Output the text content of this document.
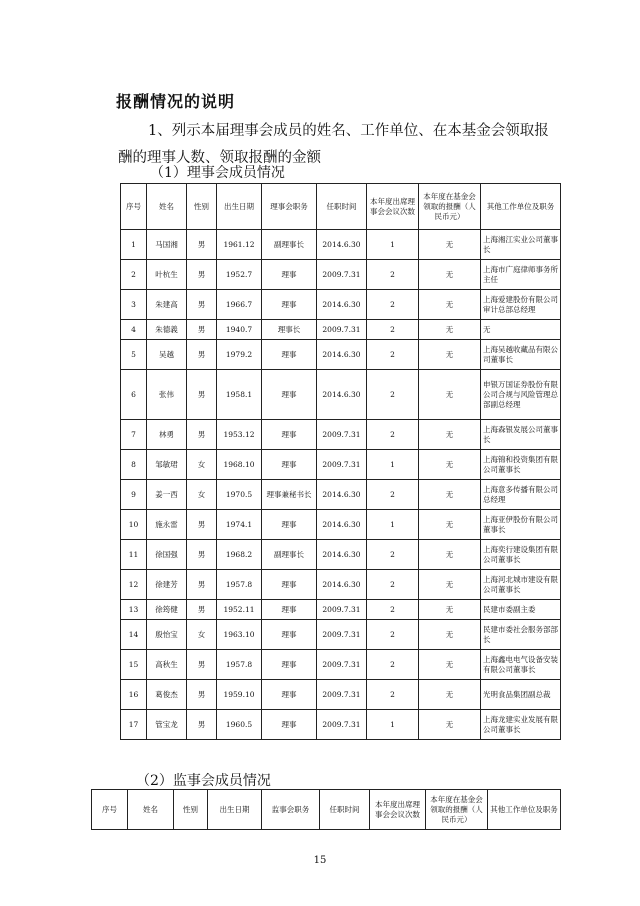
报酬情况的说明
1、列示本届理事会成员的姓名、工作单位、在本基金会领取报酬的理事人数、领取报酬的金额
（1）理事会成员情况
序号	姓名	性别	出生日期	理事会职务	任职时间	本年度出席理事会会议次数	本年度在基金会领取的报酬（人民币元）	其他工作单位及职务
1	马国湘	男	1961.12	副理事长	2014.6.30	1	无	上海湘江实业公司董事长
2	叶杭生	男	1952.7	理事	2009.7.31	2	无	上海市广庭律师事务所主任
3	朱建高	男	1966.7	理事	2014.6.30	2	无	上海爱建股份有限公司审计总部总经理
4	朱德義	男	1940.7	理事长	2009.7.31	2	无	无
5	吴越	男	1979.2	理事	2014.6.30	2	无	上海吴越收藏品有限公司董事长
6	张伟	男	1958.1	理事	2014.6.30	2	无	申银万国证券股份有限公司合规与风险管理总部副总经理
7	林勇	男	1953.12	理事	2009.7.31	2	无	上海森银发展公司董事长
8	邹敏珺	女	1968.10	理事	2009.7.31	1	无	上海锦和投资集团有限公司董事长
9	姜一西	女	1970.5	理事兼秘书长	2014.6.30	2	无	上海意多传播有限公司总经理
10	施永雷	男	1974.1	理事	2014.6.30	1	无	上海亚伊股份有限公司董事长
11	徐国强	男	1968.2	副理事长	2014.6.30	2	无	上海奕行建设集团有限公司董事长
12	徐建芳	男	1957.8	理事	2014.6.30	2	无	上海河北城市建设有限公司董事长
13	徐筠健	男	1952.11	理事	2009.7.31	2	无	民建市委副主委
14	殷怡宝	女	1963.10	理事	2009.7.31	2	无	民建市委社会服务部部长
15	高秋生	男	1957.8	理事	2009.7.31	2	无	上海鑫电电气设备安装有限公司董事长
16	葛俊杰	男	1959.10	理事	2009.7.31	2	无	光明食品集团副总裁
17	管宝龙	男	1960.5	理事	2009.7.31	1	无	上海龙建实业发展有限公司董事长
（2）监事会成员情况
序号	姓名	性别	出生日期	监事会职务	任职时间	本年度出席理事会会议次数	本年度在基金会领取的报酬（人民币元）	其他工作单位及职务
15
